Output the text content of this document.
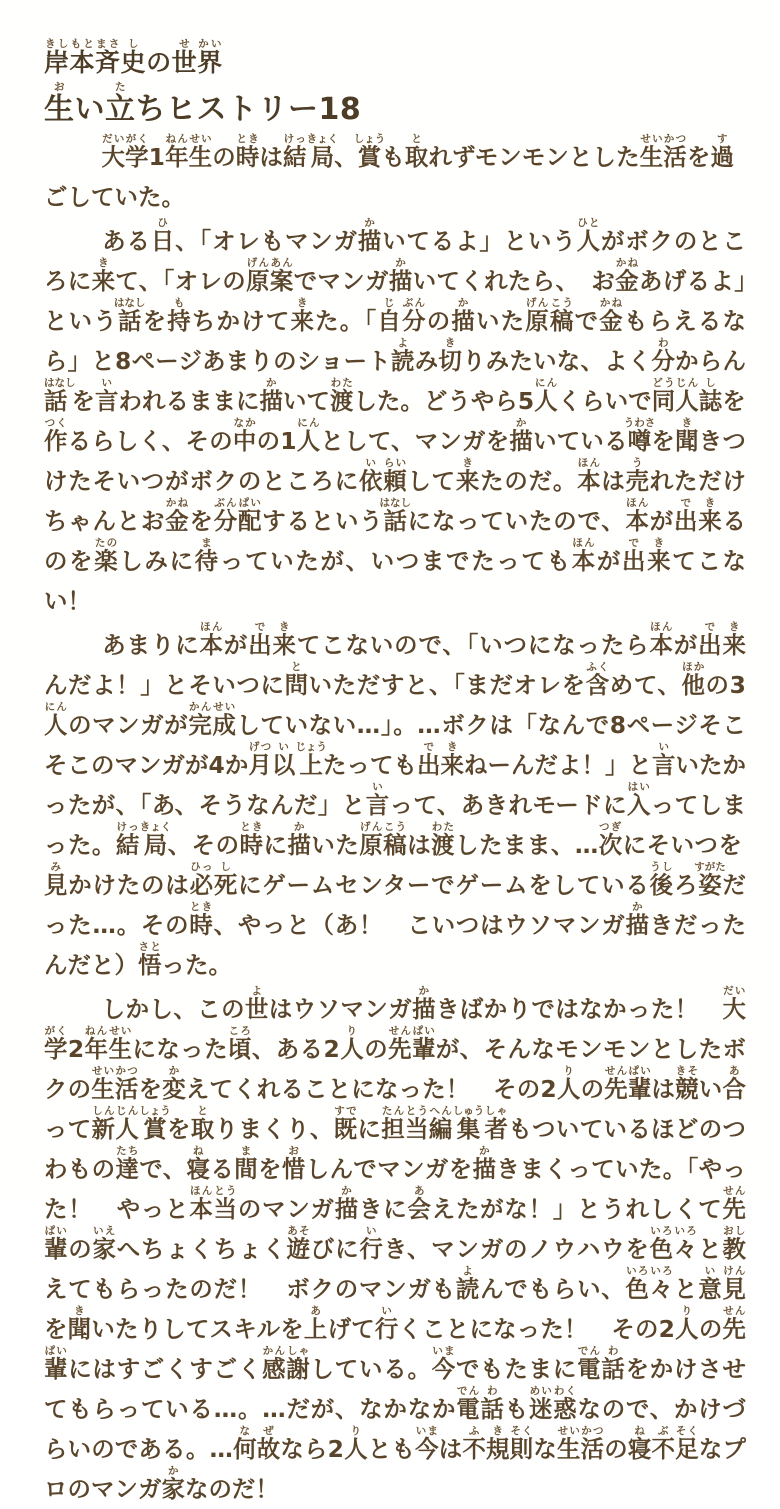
岸きし本もと斉まさ史しの世せ界かい
生おい立たちヒストリー18

　大だい学がく1年ねん生せいの時ときは結けっ局きょく、賞しょうも取とれずモンモンとした生せい活かつを過すごしていた。

　ある日ひ、「オレもマンガ描かいてるよ」という人ひとがボクのところに来きて、「オレの原げん案あんでマンガ描かいてくれたら、　お金かねあげるよ」という話はなしを持もちかけて来きた。「自じ分ぶんの描かいた原げん稿こうで金かねもらえるなら」と8ページあまりのショート読よみ切きりみたいな、よく分わからん話はなしを言いわれるままに描かいて渡わたした。どうやら5人にんくらいで同どう人じん誌しを作つくるらしく、その中なかの1人にんとして、マンガを描かいている噂うわさを聞ききつけたそいつがボクのところに依い頼らいして来きたのだ。本ほんは売うれただけちゃんとお金かねを分ぶん配ぱいするという話はなしになっていたので、本ほんが出で来きるのを楽たのしみに待まっていたが、いつまでたっても本ほんが出で来きてこない！

　あまりに本ほんが出で来きてこないので、「いつになったら本ほんが出で来きんだよ！」とそいつに問といただすと、「まだオレを含ふくめて、他ほかの3人にんのマンガが完かん成せいしていない…」。…ボクは「なんで8ページそこそこのマンガが4か月げつ以い上じょうたっても出で来きねーんだよ！」と言いいたかったが、「あ、そうなんだ」と言いって、あきれモードに入はいってしまった。結けっ局きょく、その時ときに描かいた原げん稿こうは渡わたしたまま、…次つぎにそいつを見みかけたのは必ひっ死しにゲームセンターでゲームをしている後うしろ姿すがただった…。その時とき、やっと（あ！　こいつはウソマンガ描かきだったんだと）悟さとった。

　しかし、この世よはウソマンガ描かきばかりではなかった！　大だい学がく2年ねん生せいになった頃ころ、ある2人りの先せん輩ぱいが、そんなモンモンとしたボクの生せい活かつを変かえてくれることになった！　その2人りの先せん輩ぱいは競きそい合あって新しん人じん賞しょうを取とりまくり、既すでに担たん当とう編へん集しゅう者しゃもついているほどのつわもの達たちで、寝ねる間まを惜おしんでマンガを描かきまくっていた。「やった！　やっと本ほん当とうのマンガ描かきに会あえたがな！」とうれしくて先せん輩ぱいの家いえへちょくちょく遊あそびに行いき、マンガのノウハウを色いろ々いろと教おしえてもらったのだ！　ボクのマンガも読よんでもらい、色いろ々いろと意い見けんを聞きいたりしてスキルを上あげて行いくことになった！　その2人りの先せん輩ぱいにはすごくすごく感かん謝しゃしている。今いまでもたまに電でん話わをかけさせてもらっている…。…だが、なかなか電でん話わも迷めい惑わくなので、かけづらいのである。…何な故ぜなら2人りとも今いまは不ふ規き則そくな生せい活かつの寝ね不ぶ足そくなプロのマンガ家かなのだ！
